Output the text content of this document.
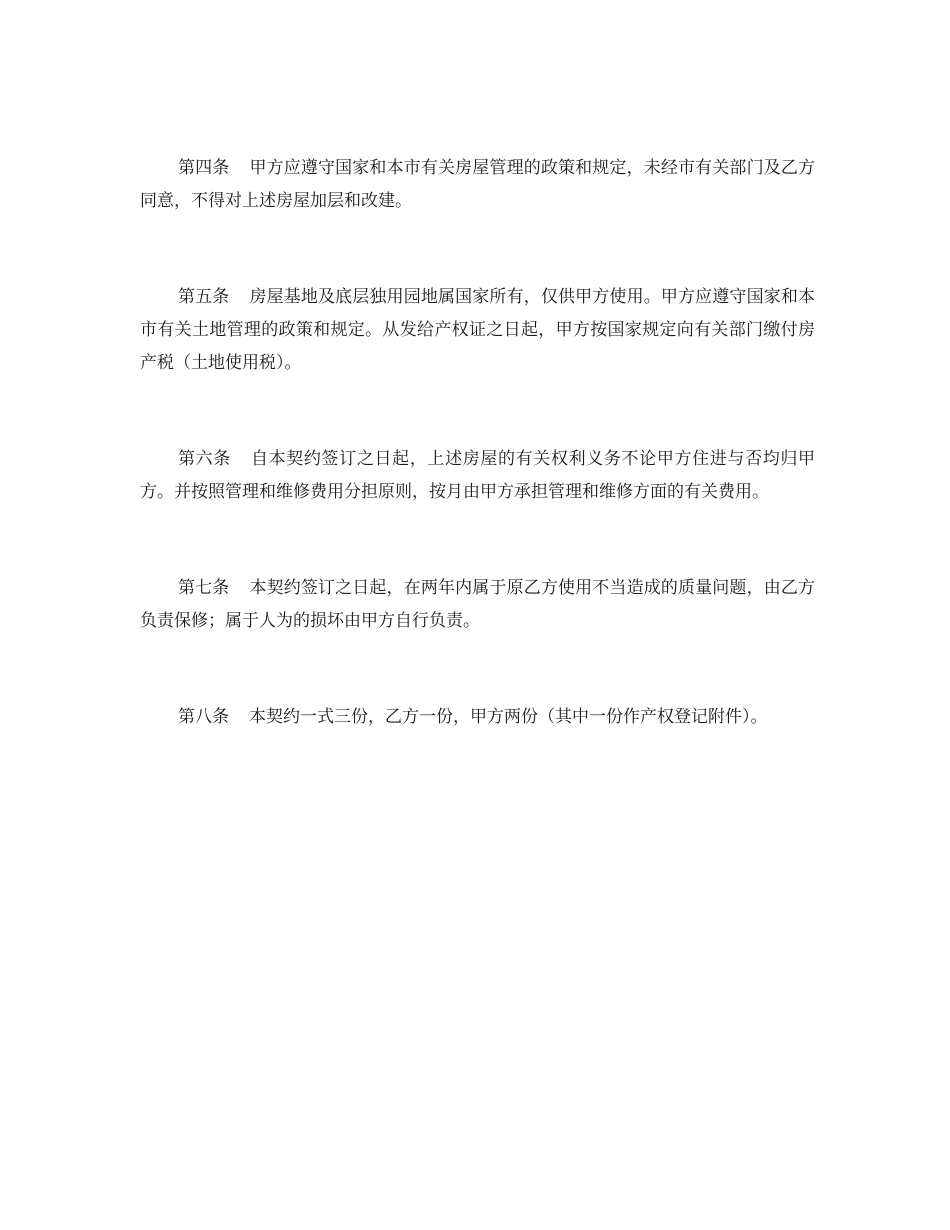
第四条 甲方应遵守国家和本市有关房屋管理的政策和规定，未经市有关部门及乙方同意，不得对上述房屋加层和改建。

第五条 房屋基地及底层独用园地属国家所有，仅供甲方使用。甲方应遵守国家和本市有关土地管理的政策和规定。从发给产权证之日起，甲方按国家规定向有关部门缴付房产税（土地使用税）。

第六条 自本契约签订之日起，上述房屋的有关权利义务不论甲方住进与否均归甲方。并按照管理和维修费用分担原则，按月由甲方承担管理和维修方面的有关费用。

第七条 本契约签订之日起，在两年内属于原乙方使用不当造成的质量问题，由乙方负责保修；属于人为的损坏由甲方自行负责。

第八条 本契约一式三份，乙方一份，甲方两份（其中一份作产权登记附件）。
